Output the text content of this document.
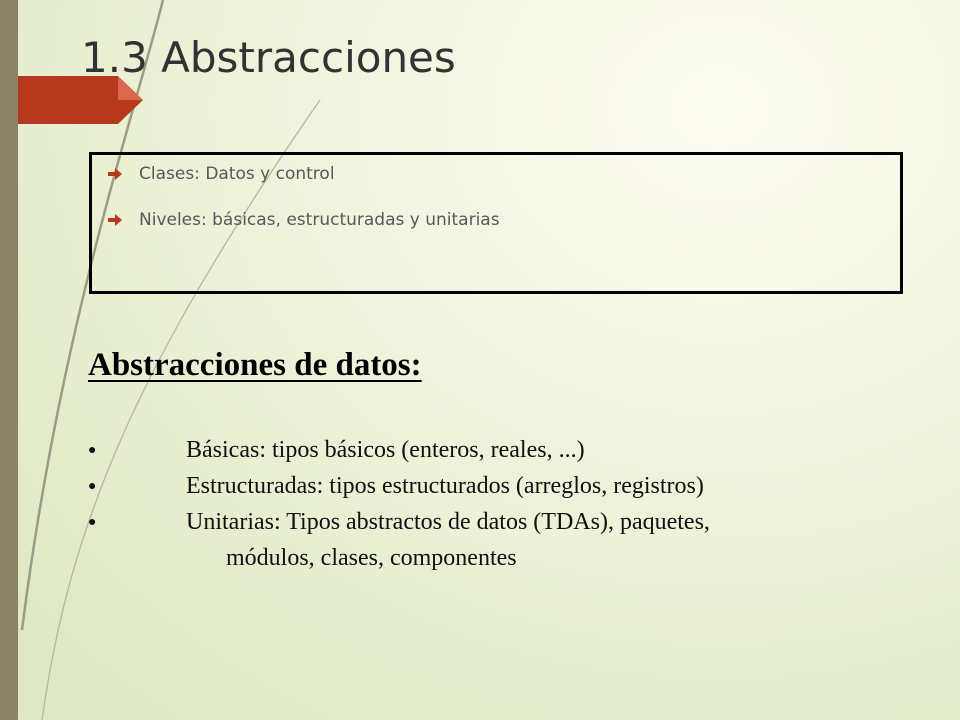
1.3 Abstracciones
Clases: Datos y control
Niveles: básicas, estructuradas y unitarias
Abstracciones de datos:
●	Básicas: tipos básicos (enteros, reales, ...)
●	Estructuradas: tipos estructurados (arreglos, registros)
●	Unitarias: Tipos abstractos de datos (TDAs), paquetes,
módulos, clases, componentes
